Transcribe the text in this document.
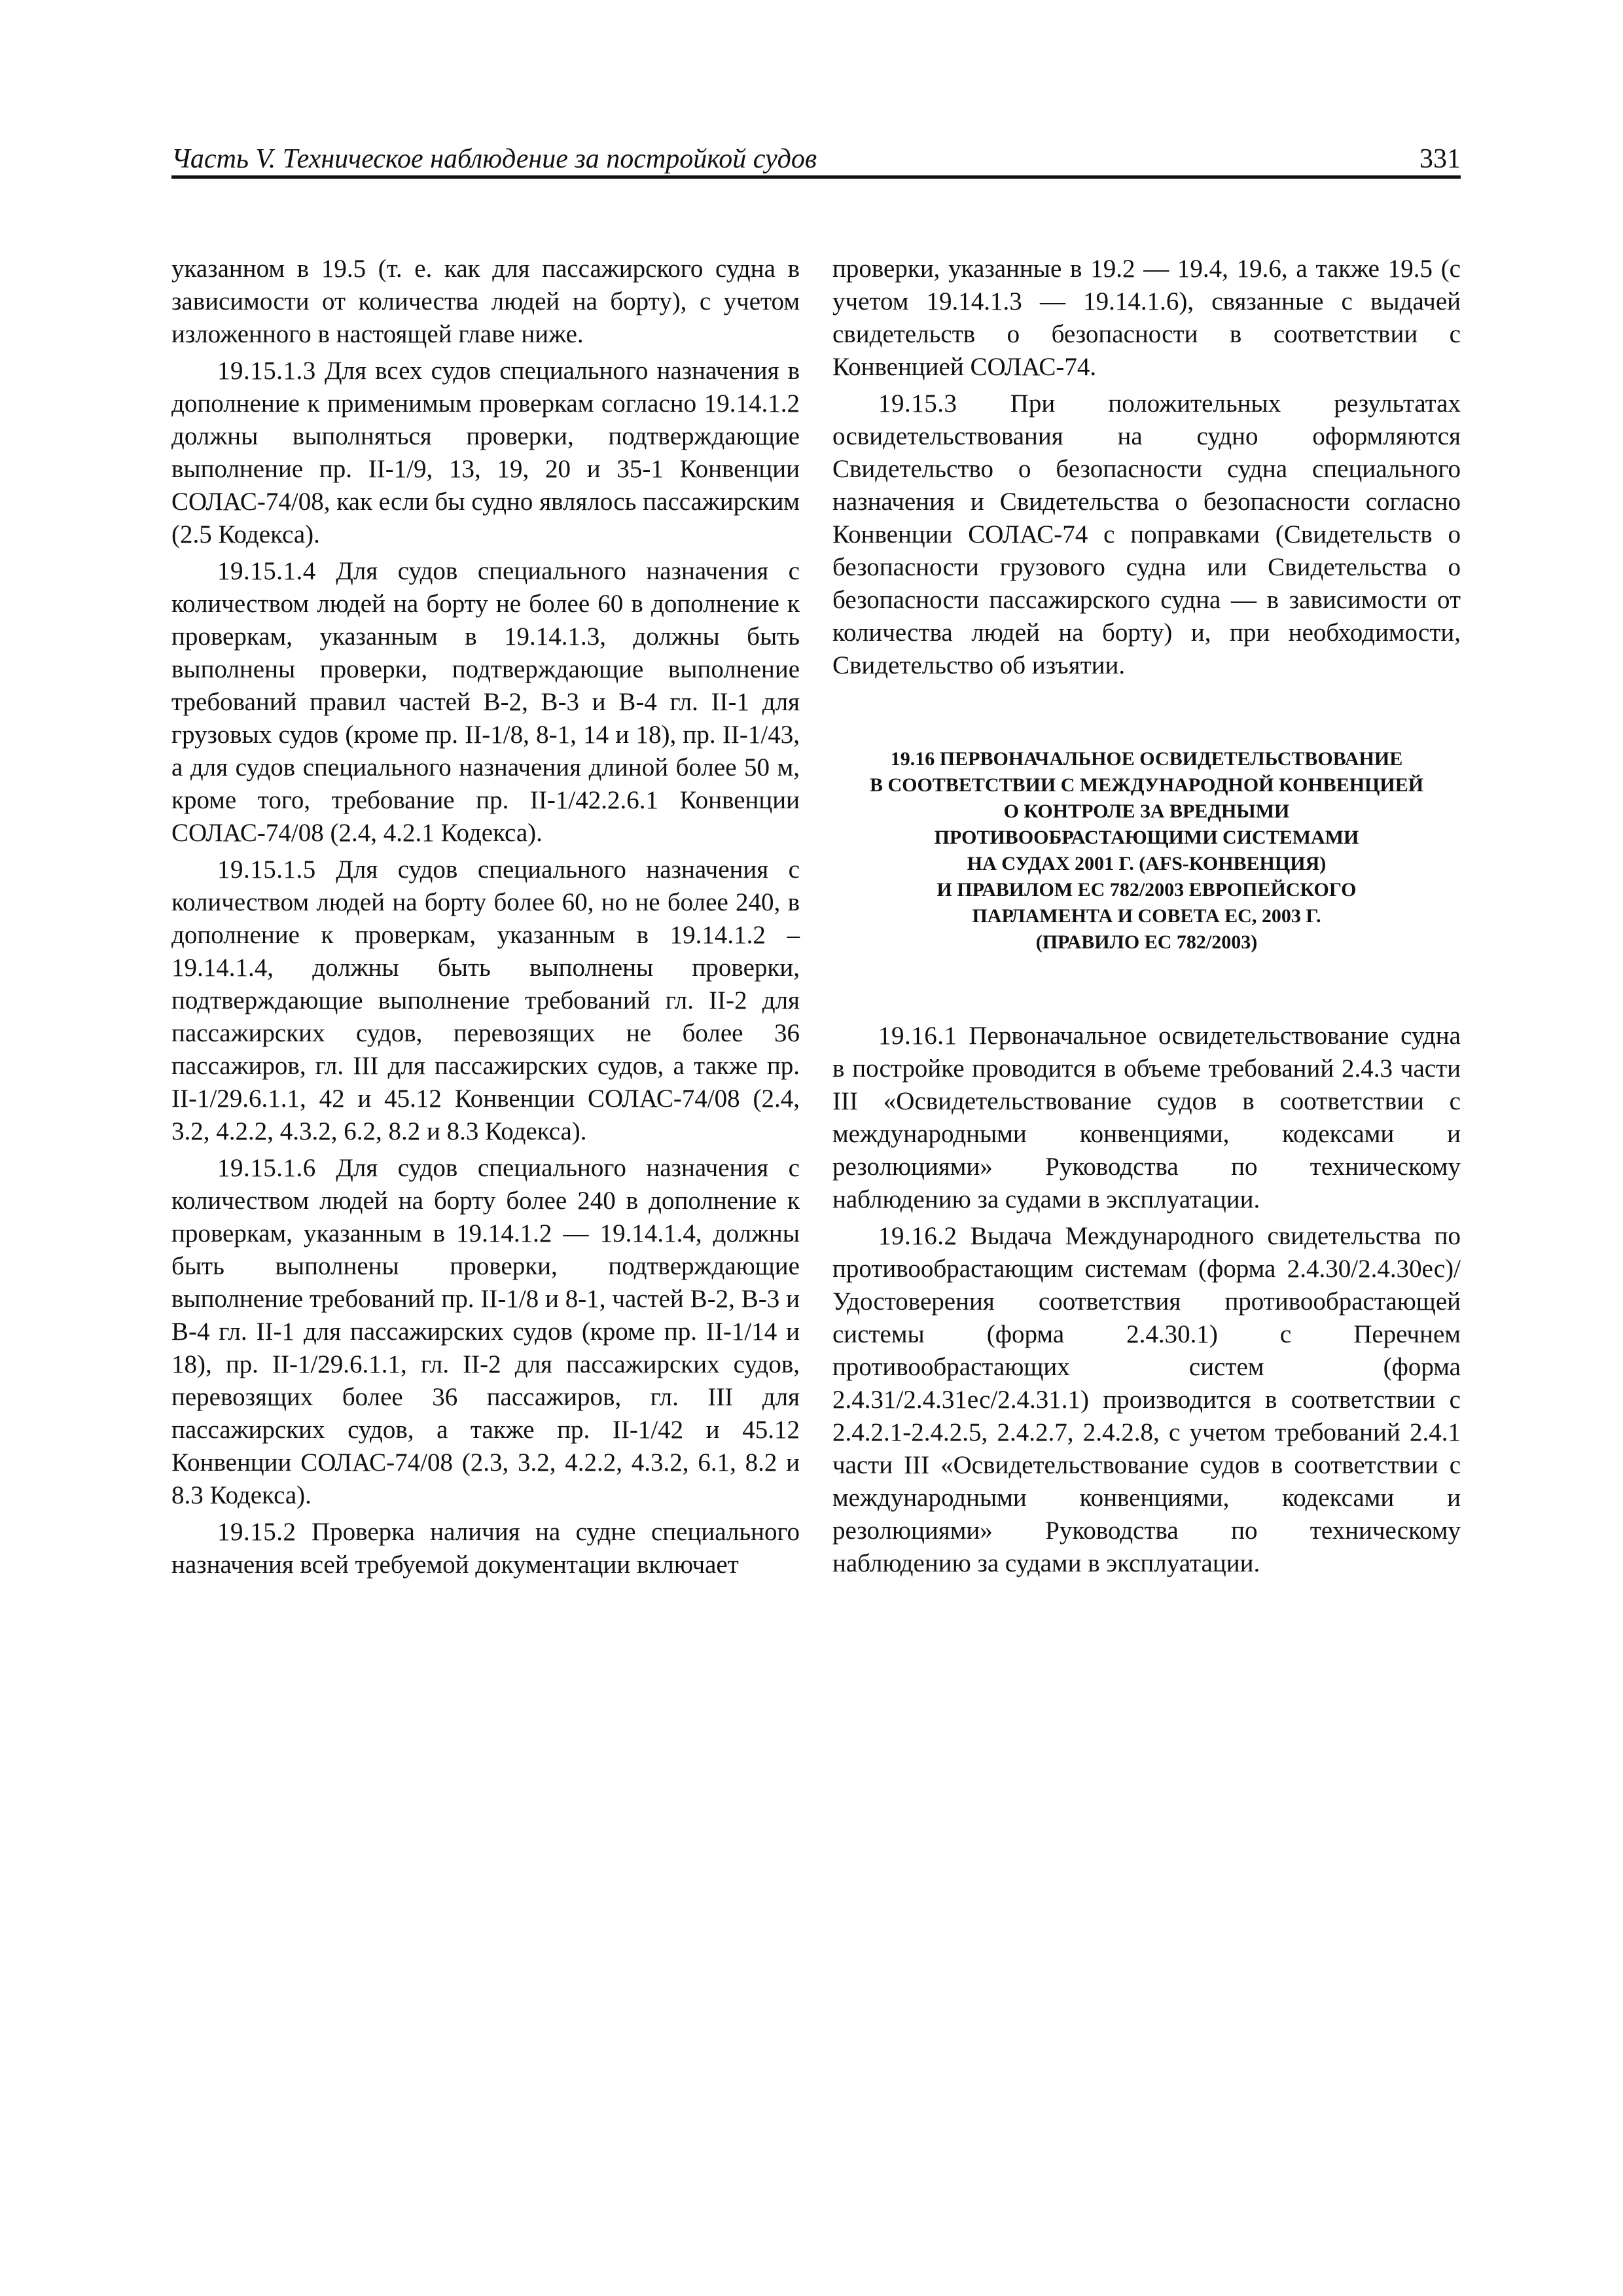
Часть V. Техническое наблюдение за постройкой судов	331

указанном в 19.5 (т. е. как для пассажирского судна в зависимости от количества людей на борту), с учетом изложенного в настоящей главе ниже.

19.15.1.3 Для всех судов специального назначения в дополнение к применимым проверкам согласно 19.14.1.2 должны выполняться проверки, подтверждающие выполнение пр. II-1/9, 13, 19, 20 и 35-1 Конвенции СОЛАС-74/08, как если бы судно являлось пассажирским (2.5 Кодекса).

19.15.1.4 Для судов специального назначения с количеством людей на борту не более 60 в дополнение к проверкам, указанным в 19.14.1.3, должны быть выполнены проверки, подтверждающие выполнение требований правил частей В-2, В-3 и В-4 гл. II-1 для грузовых судов (кроме пр. II-1/8, 8-1, 14 и 18), пр. II-1/43, а для судов специального назначения длиной более 50 м, кроме того, требование пр. II-1/42.2.6.1 Конвенции СОЛАС-74/08 (2.4, 4.2.1 Кодекса).

19.15.1.5 Для судов специального назначения с количеством людей на борту более 60, но не более 240, в дополнение к проверкам, указанным в 19.14.1.2 – 19.14.1.4, должны быть выполнены проверки, подтверждающие выполнение требований гл. II-2 для пассажирских судов, перевозящих не более 36 пассажиров, гл. III для пассажирских судов, а также пр. II-1/29.6.1.1, 42 и 45.12 Конвенции СОЛАС-74/08 (2.4, 3.2, 4.2.2, 4.3.2, 6.2, 8.2 и 8.3 Кодекса).

19.15.1.6 Для судов специального назначения с количеством людей на борту более 240 в дополнение к проверкам, указанным в 19.14.1.2 — 19.14.1.4, должны быть выполнены проверки, подтверждающие выполнение требований пр. II-1/8 и 8-1, частей В-2, В-3 и В-4 гл. II-1 для пассажирских судов (кроме пр. II-1/14 и 18), пр. II-1/29.6.1.1, гл. II-2 для пассажирских судов, перевозящих более 36 пассажиров, гл. III для пассажирских судов, а также пр. II-1/42 и 45.12 Конвенции СОЛАС-74/08 (2.3, 3.2, 4.2.2, 4.3.2, 6.1, 8.2 и 8.3 Кодекса).

19.15.2 Проверка наличия на судне специального назначения всей требуемой документации включает

проверки, указанные в 19.2 — 19.4, 19.6, а также 19.5 (с учетом 19.14.1.3 — 19.14.1.6), связанные с выдачей свидетельств о безопасности в соответствии с Конвенцией СОЛАС-74.

19.15.3 При положительных результатах освидетельствования на судно оформляются Свидетельство о безопасности судна специального назначения и Свидетельства о безопасности согласно Конвенции СОЛАС-74 с поправками (Свидетельств о безопасности грузового судна или Свидетельства о безопасности пассажирского судна — в зависимости от количества людей на борту) и, при необходимости, Свидетельство об изъятии.

19.16 ПЕРВОНАЧАЛЬНОЕ ОСВИДЕТЕЛЬСТВОВАНИЕ
В СООТВЕТСТВИИ С МЕЖДУНАРОДНОЙ КОНВЕНЦИЕЙ
О КОНТРОЛЕ ЗА ВРЕДНЫМИ
ПРОТИВООБРАСТАЮЩИМИ СИСТЕМАМИ
НА СУДАХ 2001 Г. (AFS-КОНВЕНЦИЯ)
И ПРАВИЛОМ ЕС 782/2003 ЕВРОПЕЙСКОГО
ПАРЛАМЕНТА И СОВЕТА ЕС, 2003 Г.
(ПРАВИЛО ЕС 782/2003)

19.16.1 Первоначальное освидетельствование судна в постройке проводится в объеме требований 2.4.3 части III «Освидетельствование судов в соответствии с международными конвенциями, кодексами и резолюциями» Руководства по техническому наблюдению за судами в эксплуатации.

19.16.2 Выдача Международного свидетельства по противообрастающим системам (форма 2.4.30/2.4.30ес)/Удостоверения соответствия противообрастающей системы (форма 2.4.30.1) с Перечнем противообрастающих систем (форма 2.4.31/2.4.31ес/2.4.31.1) производится в соответствии с 2.4.2.1-2.4.2.5, 2.4.2.7, 2.4.2.8, с учетом требований 2.4.1 части III «Освидетельствование судов в соответствии с международными конвенциями, кодексами и резолюциями» Руководства по техническому наблюдению за судами в эксплуатации.
